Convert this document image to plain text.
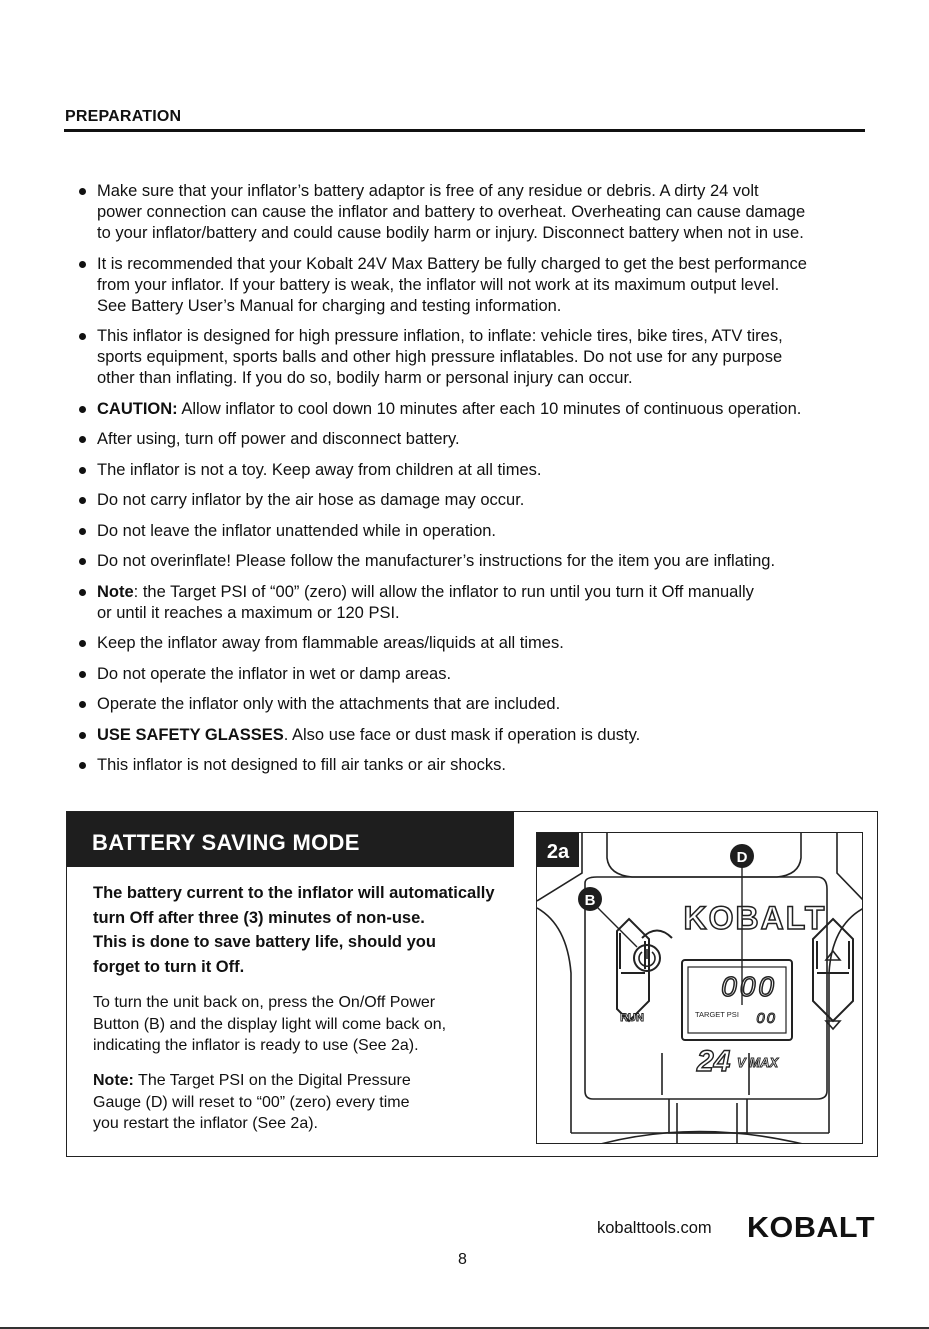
PREPARATION
Make sure that your inflator’s battery adaptor is free of any residue or debris. A dirty 24 volt
power connection can cause the inflator and battery to overheat. Overheating can cause damage
to your inflator/battery and could cause bodily harm or injury. Disconnect battery when not in use.
It is recommended that your Kobalt 24V Max Battery be fully charged to get the best performance
from your inflator. If your battery is weak, the inflator will not work at its maximum output level.
See Battery User’s Manual for charging and testing information.
This inflator is designed for high pressure inflation, to inflate: vehicle tires, bike tires, ATV tires,
sports equipment, sports balls and other high pressure inflatables. Do not use for any purpose
other than inflating. If you do so, bodily harm or personal injury can occur.
CAUTION: Allow inflator to cool down 10 minutes after each 10 minutes of continuous operation.
After using, turn off power and disconnect battery.
The inflator is not a toy. Keep away from children at all times.
Do not carry inflator by the air hose as damage may occur.
Do not leave the inflator unattended while in operation.
Do not overinflate! Please follow the manufacturer’s instructions for the item you are inflating.
Note: the Target PSI of “00” (zero) will allow the inflator to run until you turn it Off manually
or until it reaches a maximum or 120 PSI.
Keep the inflator away from flammable areas/liquids at all times.
Do not operate the inflator in wet or damp areas.
Operate the inflator only with the attachments that are included.
USE SAFETY GLASSES. Also use face or dust mask if operation is dusty.
This inflator is not designed to fill air tanks or air shocks.
BATTERY SAVING MODE
The battery current to the inflator will automatically
turn Off after three (3) minutes of non-use.
This is done to save battery life, should you
forget to turn it Off.
To turn the unit back on, press the On/Off Power
Button (B) and the display light will come back on,
indicating the inflator is ready to use (See 2a).
Note: The Target PSI on the Digital Pressure
Gauge (D) will reset to “00” (zero) every time
you restart the inflator (See 2a).
KOBALT
000
TARGET PSI 00
RUN
24 V MAX
2a
B
D
kobalttools.com KOBALT
8
